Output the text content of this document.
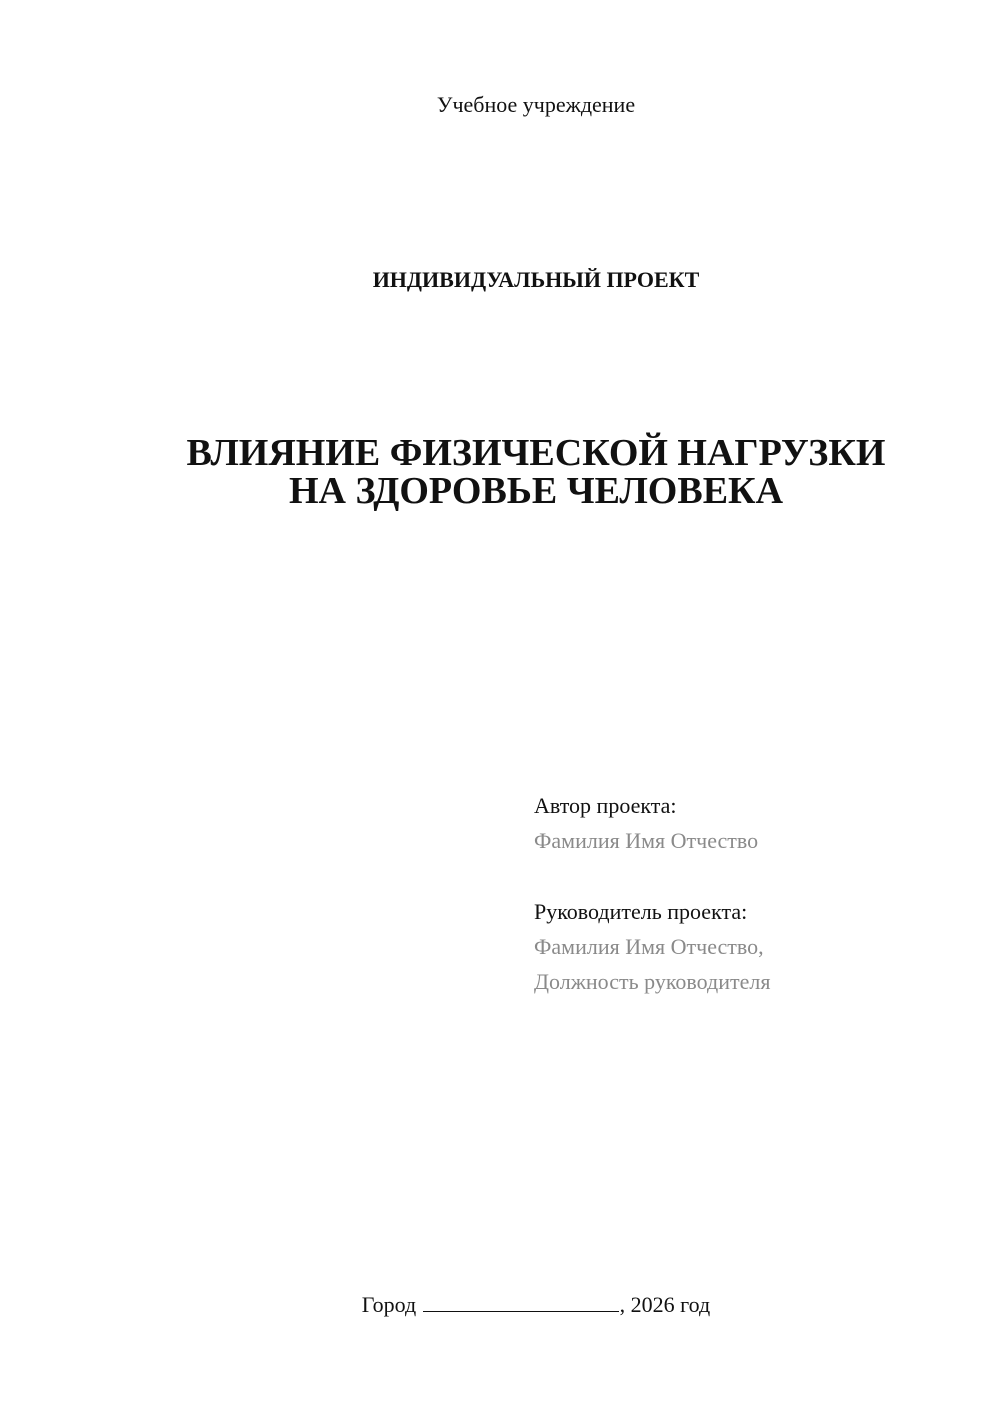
Учебное учреждение
ИНДИВИДУАЛЬНЫЙ ПРОЕКТ
ВЛИЯНИЕ ФИЗИЧЕСКОЙ НАГРУЗКИ
НА ЗДОРОВЬЕ ЧЕЛОВЕКА
Автор проекта:
Фамилия Имя Отчество
Руководитель проекта:
Фамилия Имя Отчество,
Должность руководителя
Город	, 2026 год
